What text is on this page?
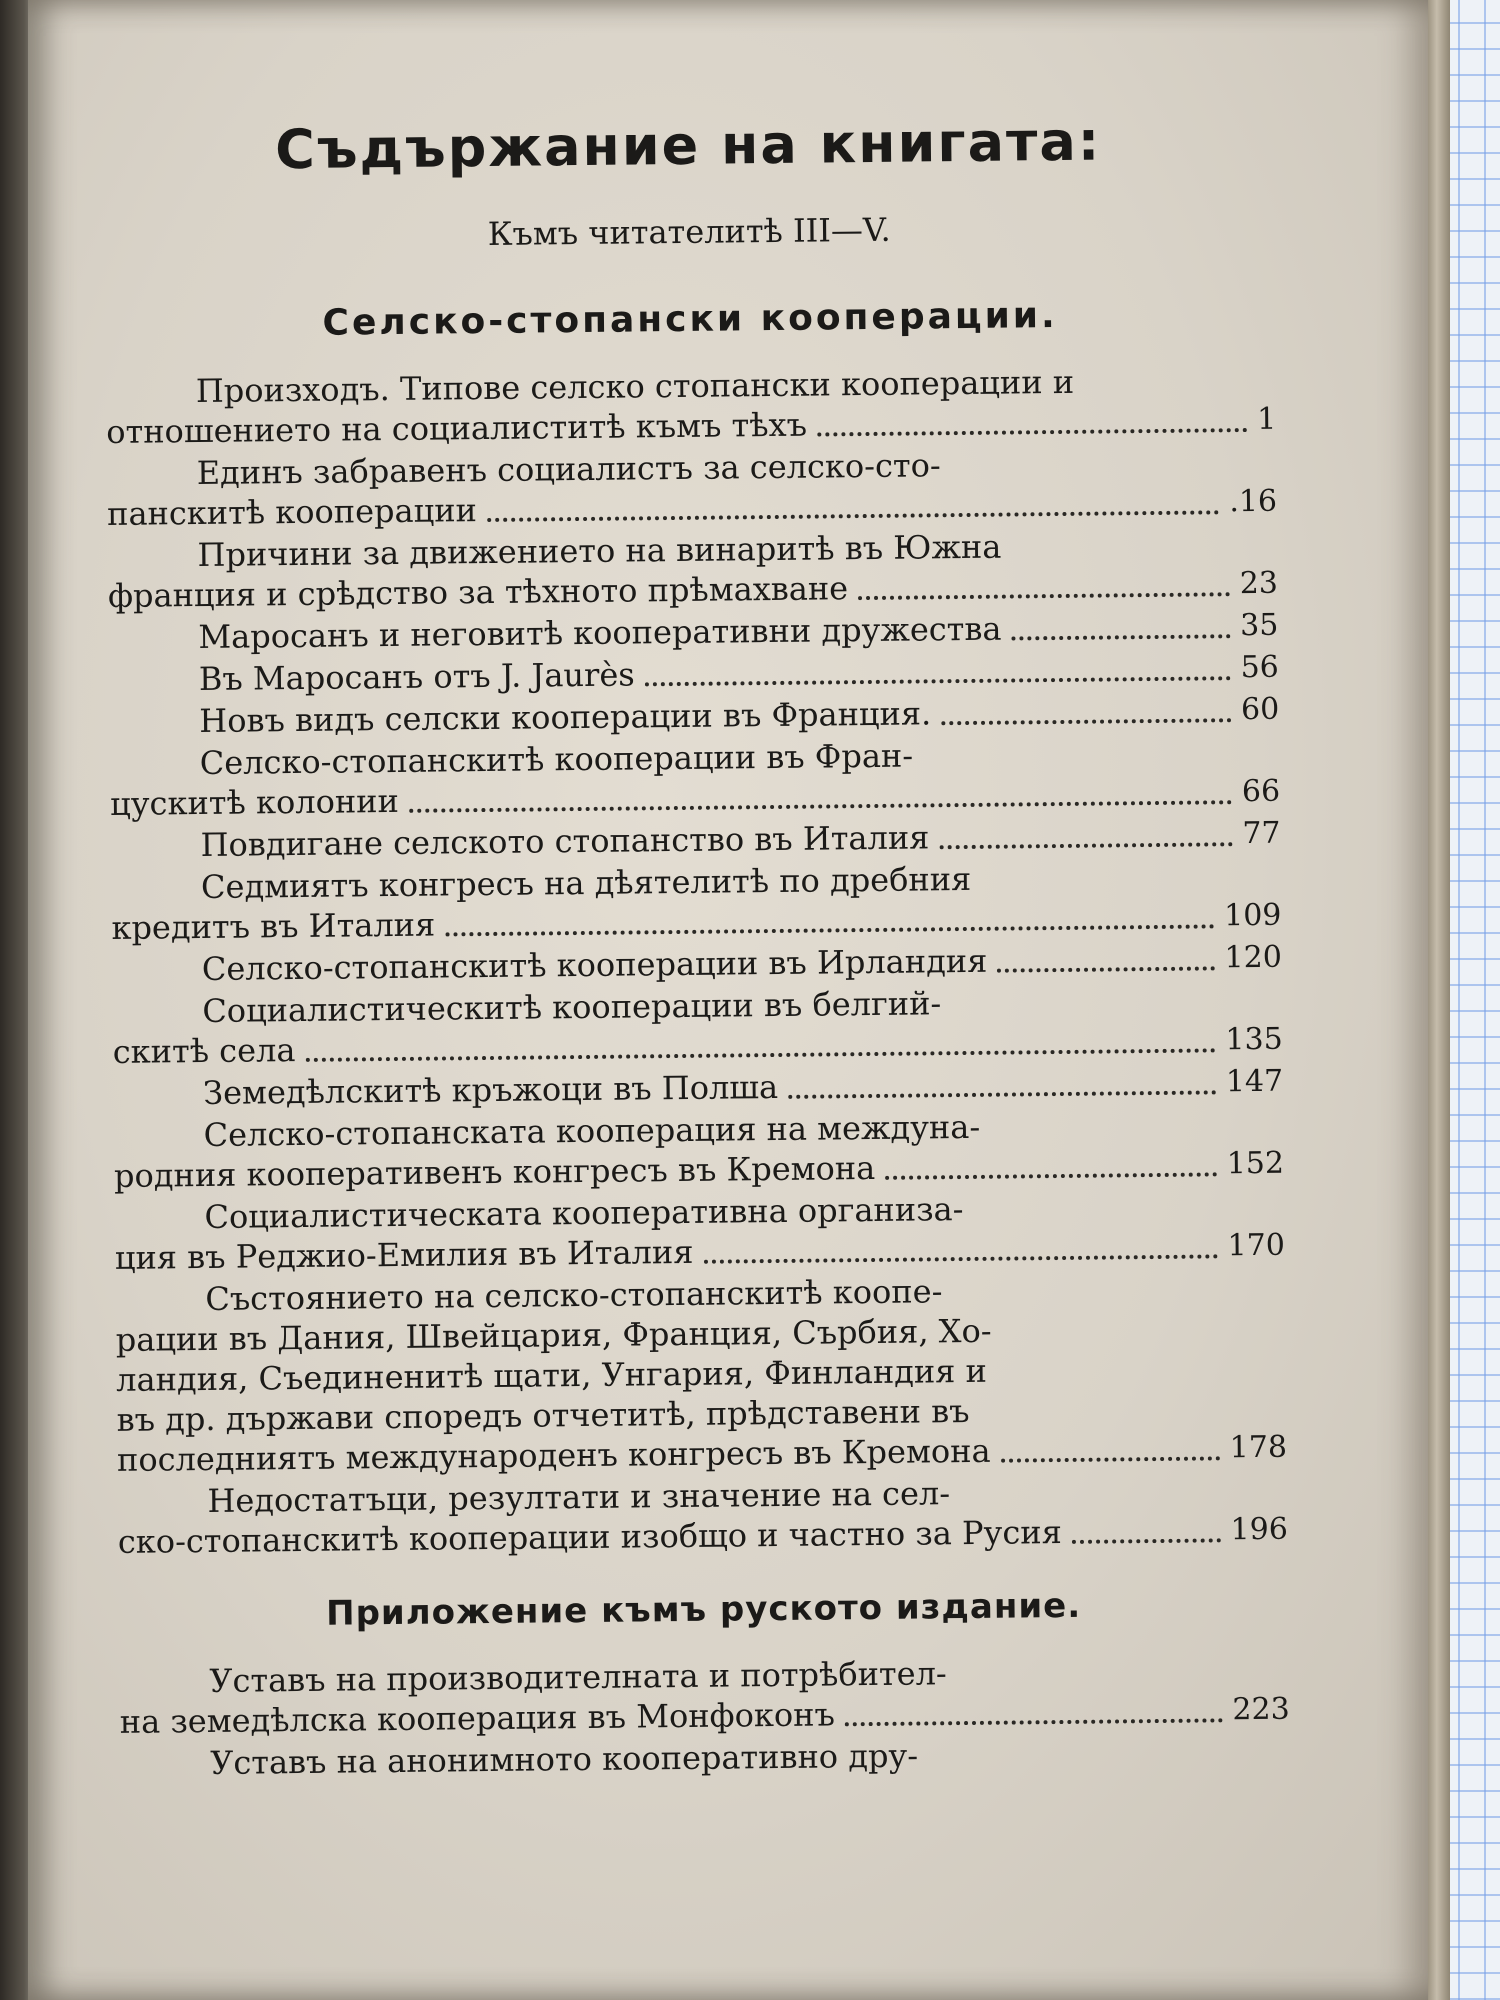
Съдържание на книгата:
Къмъ читателитѣ III—V.
Селско-стопански кооперации.
Произходъ. Типове селско стопански кооперации и
отношението на социалиститѣ къмъ тѣхъ	1
Единъ забравенъ социалистъ за селско-сто-
панскитѣ кооперации	.16
Причини за движението на винаритѣ въ Южна
франция и срѣдство за тѣхното прѣмахване	23
Маросанъ и неговитѣ кооперативни дружества	35
Въ Маросанъ отъ J. Jaurès	56
Новъ видъ селски кооперации въ Франция.	60
Селско-стопанскитѣ кооперации въ Фран-
цускитѣ колонии	66
Повдигане селското стопанство въ Италия	77
Седмиятъ конгресъ на дѣятелитѣ по дребния
кредитъ въ Италия	109
Селско-стопанскитѣ кооперации въ Ирландия	120
Социалистическитѣ кооперации въ белгий-
скитѣ села	135
Земедѣлскитѣ кръжоци въ Полша	147
Селско-стопанската кооперация на междуна-
родния кооперативенъ конгресъ въ Кремона	152
Социалистическата кооперативна организа-
ция въ Реджио-Емилия въ Италия	170
Състоянието на селско-стопанскитѣ коопе-
рации въ Дания, Швейцария, Франция, Сърбия, Хо-
ландия, Съединенитѣ щати, Унгария, Финландия и
въ др. държави споредъ отчетитѣ, прѣдставени въ
последниятъ международенъ конгресъ въ Кремона	178
Недостатъци, резултати и значение на сел-
ско-стопанскитѣ кооперации изобщо и частно за Русия	196
Приложение къмъ руското издание.
Уставъ на производителната и потрѣбител-
на земедѣлска кооперация въ Монфоконъ	223
Уставъ на анонимното кооперативно дру-
